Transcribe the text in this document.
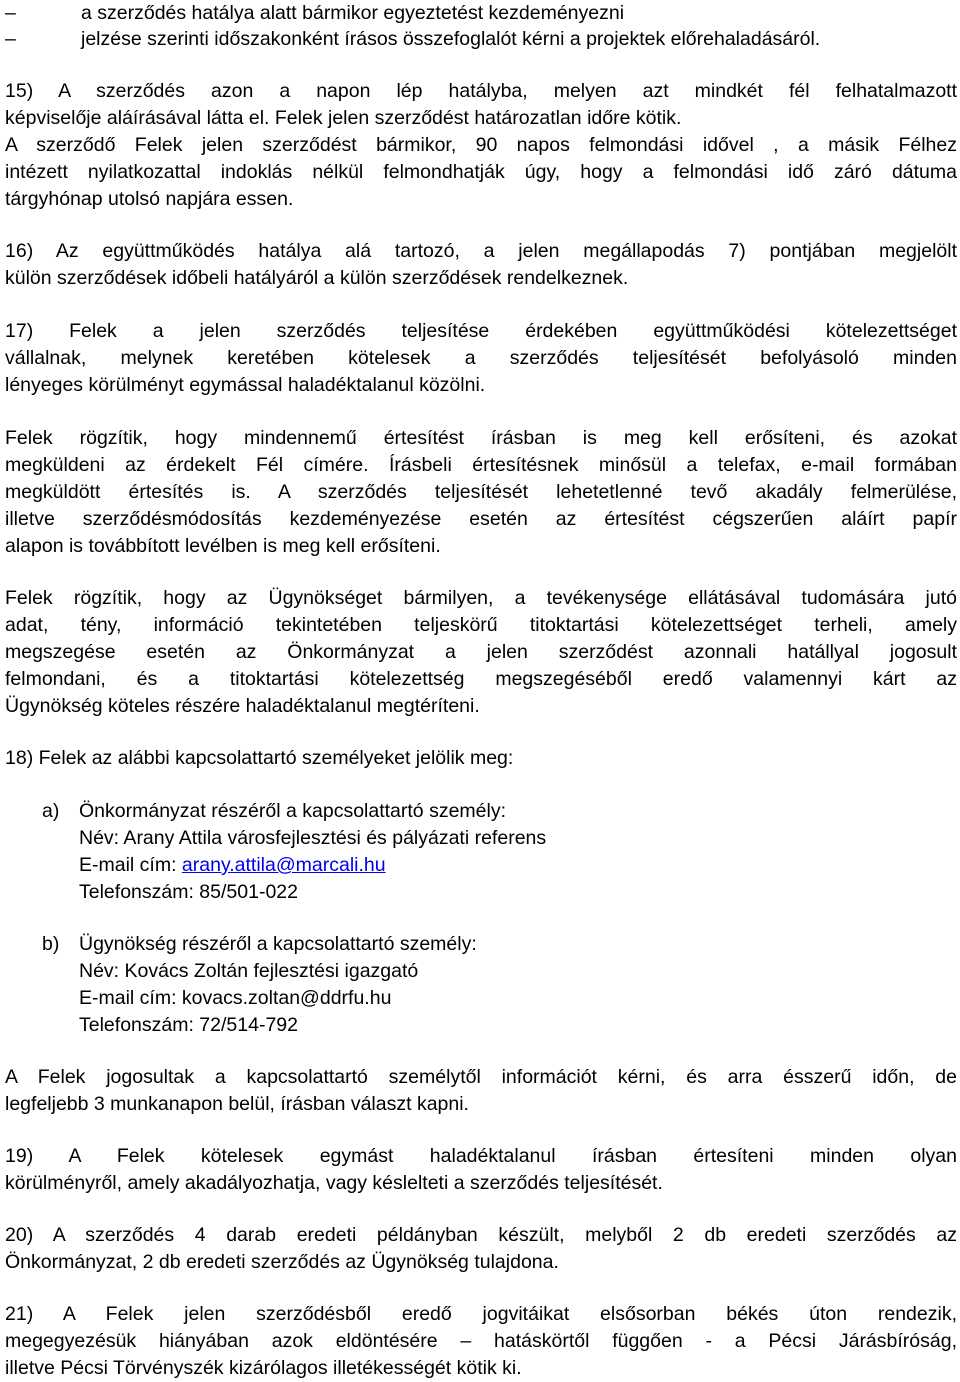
–	a szerződés hatálya alatt bármikor egyeztetést kezdeményezni
–	jelzése szerinti időszakonként írásos összefoglalót kérni a projektek előrehaladásáról.
15) A szerződés azon a napon lép hatályba, melyen azt mindkét fél felhatalmazott
képviselője aláírásával látta el. Felek jelen szerződést határozatlan időre kötik.
A szerződő Felek jelen szerződést bármikor, 90 napos felmondási idővel , a másik Félhez
intézett nyilatkozattal indoklás nélkül felmondhatják úgy, hogy a felmondási idő záró dátuma
tárgyhónap utolsó napjára essen.
16) Az együttműködés hatálya alá tartozó, a jelen megállapodás 7) pontjában megjelölt
külön szerződések időbeli hatályáról a külön szerződések rendelkeznek.
17) Felek a jelen szerződés teljesítése érdekében együttműködési kötelezettséget
vállalnak, melynek keretében kötelesek a szerződés teljesítését befolyásoló minden
lényeges körülményt egymással haladéktalanul közölni.
Felek rögzítik, hogy mindennemű értesítést írásban is meg kell erősíteni, és azokat
megküldeni az érdekelt Fél címére. Írásbeli értesítésnek minősül a telefax, e-mail formában
megküldött értesítés is. A szerződés teljesítését lehetetlenné tevő akadály felmerülése,
illetve szerződésmódosítás kezdeményezése esetén az értesítést cégszerűen aláírt papír
alapon is továbbított levélben is meg kell erősíteni.
Felek rögzítik, hogy az Ügynökséget bármilyen, a tevékenysége ellátásával tudomására jutó
adat, tény, információ tekintetében teljeskörű titoktartási kötelezettséget terheli, amely
megszegése esetén az Önkormányzat a jelen szerződést azonnali hatállyal jogosult
felmondani, és a titoktartási kötelezettség megszegéséből eredő valamennyi kárt az
Ügynökség köteles részére haladéktalanul megtéríteni.
18) Felek az alábbi kapcsolattartó személyeket jelölik meg:
a) Önkormányzat részéről a kapcsolattartó személy:
Név: Arany Attila városfejlesztési és pályázati referens
E-mail cím: arany.attila@marcali.hu
Telefonszám: 85/501-022
b) Ügynökség részéről a kapcsolattartó személy:
Név: Kovács Zoltán fejlesztési igazgató
E-mail cím: kovacs.zoltan@ddrfu.hu
Telefonszám: 72/514-792
A Felek jogosultak a kapcsolattartó személytől információt kérni, és arra ésszerű időn, de
legfeljebb 3 munkanapon belül, írásban választ kapni.
19) A Felek kötelesek egymást haladéktalanul írásban értesíteni minden olyan
körülményről, amely akadályozhatja, vagy késlelteti a szerződés teljesítését.
20) A szerződés 4 darab eredeti példányban készült, melyből 2 db eredeti szerződés az
Önkormányzat, 2 db eredeti szerződés az Ügynökség tulajdona.
21) A Felek jelen szerződésből eredő jogvitáikat elsősorban békés úton rendezik,
megegyezésük hiányában azok eldöntésére – hatáskörtől függően - a Pécsi Járásbíróság,
illetve Pécsi Törvényszék kizárólagos illetékességét kötik ki.
